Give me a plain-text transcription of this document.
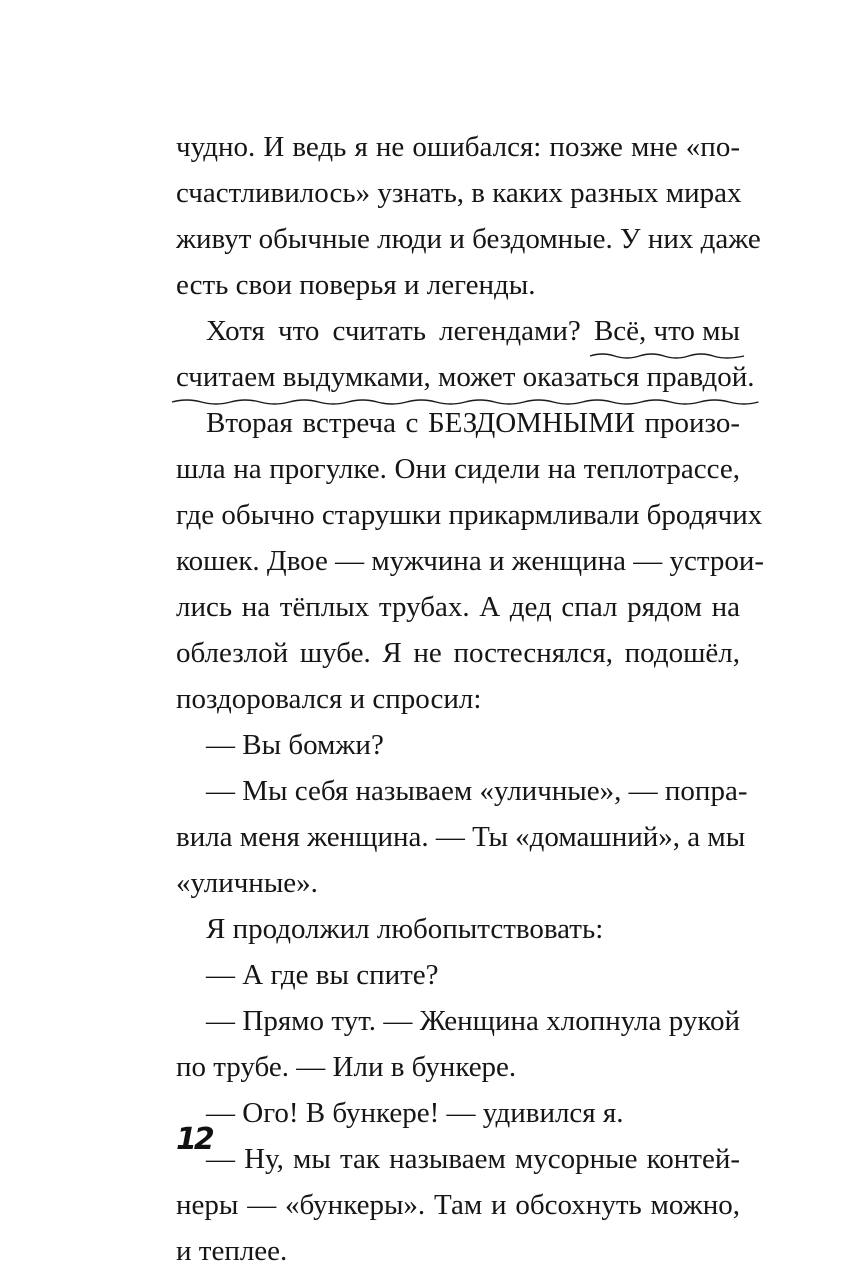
чудно. И ведь я не ошибался: позже мне «по-
счастливилось» узнать, в каких разных мирах
живут обычные люди и бездомные. У них даже
есть свои поверья и легенды.
Хотя что считать легендами? Всё, что мы
считаем выдумками, может оказаться правдой.
Вторая встреча с БЕЗДОМНЫМИ произо-
шла на прогулке. Они сидели на теплотрассе,
где обычно старушки прикармливали бродячих
кошек. Двое — мужчина и женщина — устрои-
лись на тёплых трубах. А дед спал рядом на
облезлой шубе. Я не постеснялся, подошёл,
поздоровался и спросил:
— Вы бомжи?
— Мы себя называем «уличные», — попра-
вила меня женщина. — Ты «домашний», а мы
«уличные».
Я продолжил любопытствовать:
— А где вы спите?
— Прямо тут. — Женщина хлопнула рукой
по трубе. — Или в бункере.
— Ого! В бункере! — удивился я.
— Ну, мы так называем мусорные контей-
неры — «бункеры». Там и обсохнуть можно,
и теплее.
12
